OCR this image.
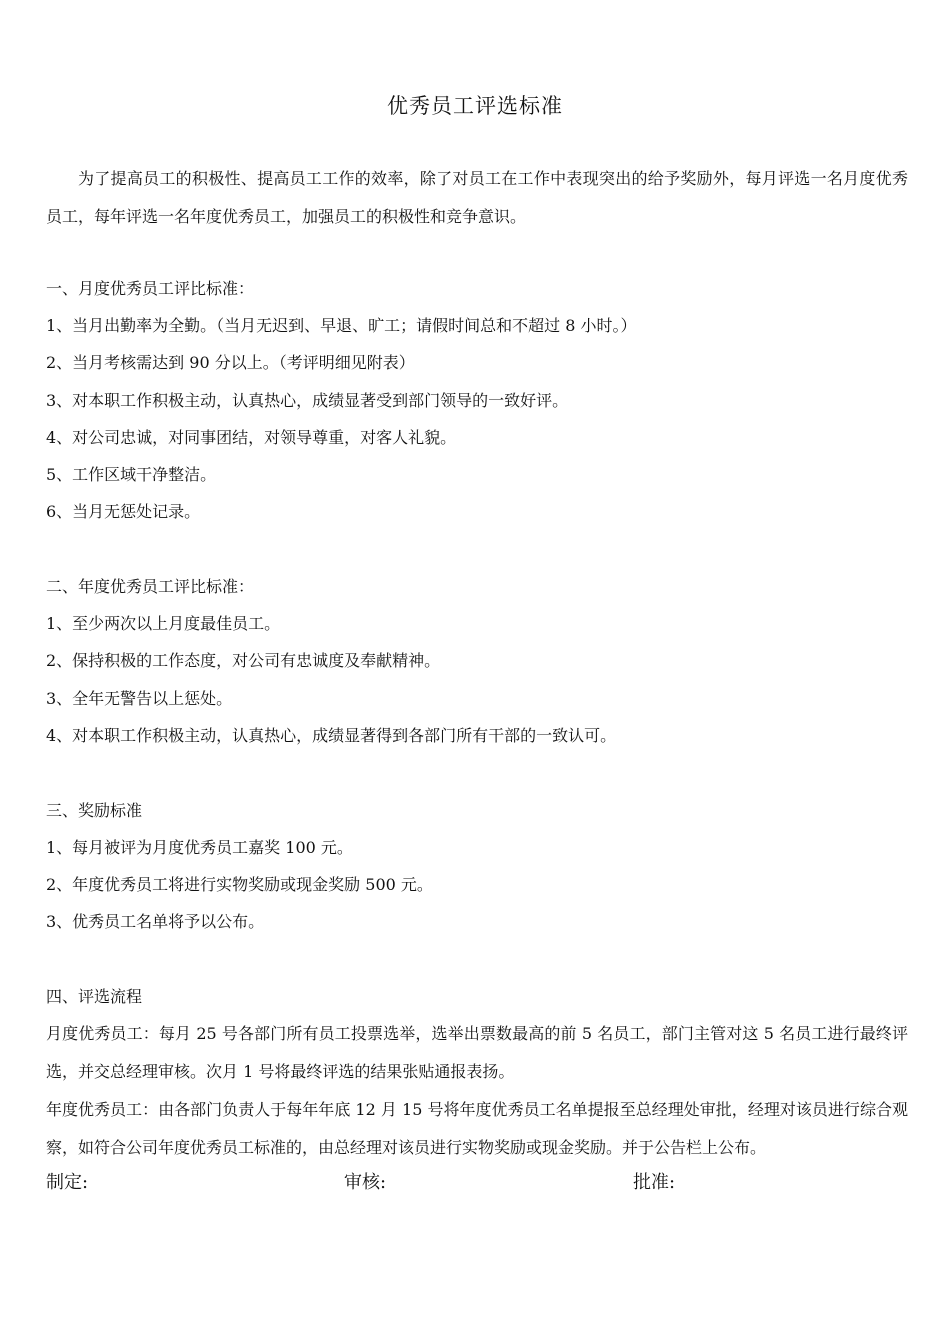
优秀员工评选标准
为了提高员工的积极性、提高员工工作的效率，除了对员工在工作中表现突出的给予奖励外，每月评选一名月度优秀员工，每年评选一名年度优秀员工，加强员工的积极性和竞争意识。
一、月度优秀员工评比标准：
1、当月出勤率为全勤。（当月无迟到、早退、旷工；请假时间总和不超过 8 小时。）
2、当月考核需达到 90 分以上。（考评明细见附表）
3、对本职工作积极主动，认真热心，成绩显著受到部门领导的一致好评。
4、对公司忠诚，对同事团结，对领导尊重，对客人礼貌。
5、工作区域干净整洁。
6、当月无惩处记录。
二、年度优秀员工评比标准：
1、至少两次以上月度最佳员工。
2、保持积极的工作态度，对公司有忠诚度及奉献精神。
3、全年无警告以上惩处。
4、对本职工作积极主动，认真热心，成绩显著得到各部门所有干部的一致认可。
三、奖励标准
1、每月被评为月度优秀员工嘉奖 100 元。
2、年度优秀员工将进行实物奖励或现金奖励 500 元。
3、优秀员工名单将予以公布。
四、评选流程
月度优秀员工：每月 25 号各部门所有员工投票选举，选举出票数最高的前 5 名员工，部门主管对这 5 名员工进行最终评选，并交总经理审核。次月 1 号将最终评选的结果张贴通报表扬。
年度优秀员工：由各部门负责人于每年年底 12 月 15 号将年度优秀员工名单提报至总经理处审批，经理对该员进行综合观察，如符合公司年度优秀员工标准的，由总经理对该员进行实物奖励或现金奖励。并于公告栏上公布。
制定:	审核:	批准:
